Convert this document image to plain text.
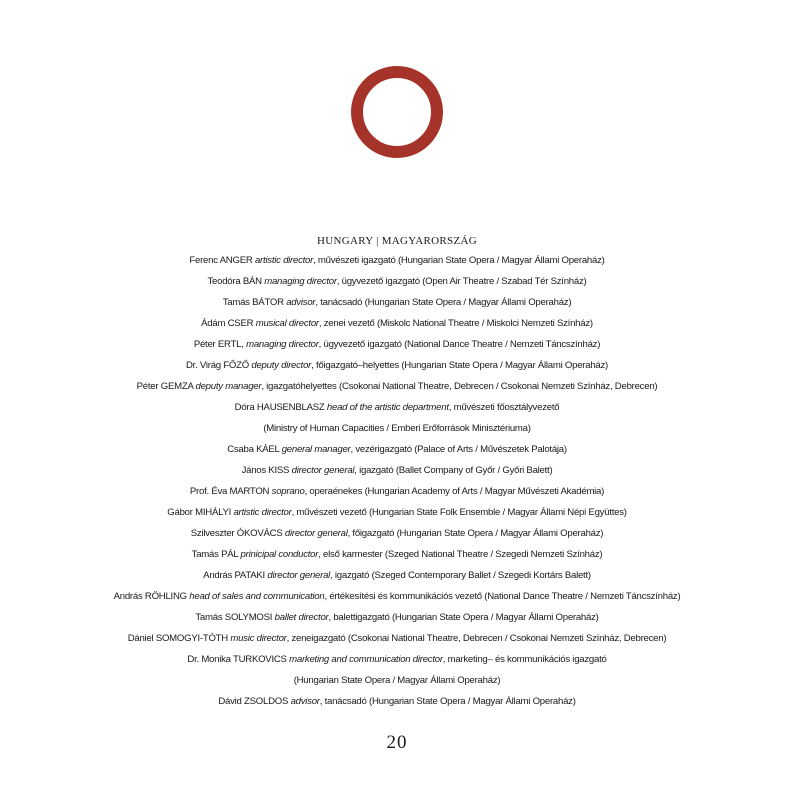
HUNGARY | MAGYARORSZÁG
Ferenc ANGER artistic director, művészeti igazgató (Hungarian State Opera / Magyar Állami Operaház)
Teodóra BÁN managing director, ügyvezető igazgató (Open Air Theatre / Szabad Tér Színház)
Tamás BÁTOR advisor, tanácsadó (Hungarian State Opera / Magyar Állami Operaház)
Ádám CSER musical director, zenei vezető (Miskolc National Theatre / Miskolci Nemzeti Színház)
Péter ERTL, managing director, ügyvezető igazgató (National Dance Theatre / Nemzeti Táncszínház)
Dr. Virág FŐZŐ deputy director, főigazgató–helyettes (Hungarian State Opera / Magyar Állami Operaház)
Péter GEMZA deputy manager, igazgatóhelyettes (Csokonai National Theatre, Debrecen / Csokonai Nemzeti Színház, Debrecen)
Dóra HAUSENBLASZ head of the artistic department, művészeti főosztályvezető
(Ministry of Human Capacities / Emberi Erőforrások Minisztériuma)
Csaba KÁEL general manager, vezérigazgató (Palace of Arts / Művészetek Palotája)
János KISS director general, igazgató (Ballet Company of Győr / Győri Balett)
Prof. Éva MARTON soprano, operaénekes (Hungarian Academy of Arts / Magyar Művészeti Akadémia)
Gábor MIHÁLYI artistic director, művészeti vezető (Hungarian State Folk Ensemble / Magyar Állami Népi Együttes)
Szilveszter ÓKOVÁCS director general, főigazgató (Hungarian State Opera / Magyar Állami Operaház)
Tamás PÁL prinicipal conductor, első karmester (Szeged National Theatre / Szegedi Nemzeti Színház)
András PATAKI director general, igazgató (Szeged Contemporary Ballet / Szegedi Kortárs Balett)
András RÖHLING head of sales and communication, értékesítési és kommunikációs vezető (National Dance Theatre / Nemzeti Táncszínház)
Tamás SOLYMOSI ballet director, balettigazgató (Hungarian State Opera / Magyar Állami Operaház)
Dániel SOMOGYI-TÓTH music director, zeneigazgató (Csokonai National Theatre, Debrecen / Csokonai Nemzeti Színház, Debrecen)
Dr. Monika TURKOVICS marketing and communication director, marketing– és kommunikációs igazgató
(Hungarian State Opera / Magyar Állami Operaház)
Dávid ZSOLDOS advisor, tanácsadó (Hungarian State Opera / Magyar Állami Operaház)
20
